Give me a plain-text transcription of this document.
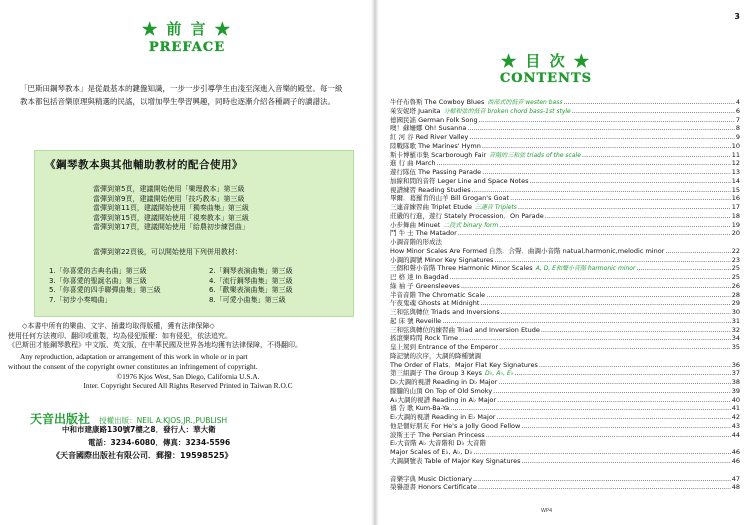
★ 前 言 ★
PREFACE
「巴斯田鋼琴教本」是從最基本的鍵盤知識，一步一步引導學生由淺至深進入音樂的殿堂。每一級教本都包括音樂原理與精選的民謠，以增加學生學習興趣，同時也逐漸介紹各種調子的讀譜法。
《鋼琴教本與其他輔助教材的配合使用》
當彈到第5頁，建議開始使用「樂理教本」第三級
當彈到第9頁，建議開始使用「技巧教本」第三級
當彈到第11頁，建議開始使用「獨奏曲集」第三級
當彈到第15頁，建議開始使用「視奏教本」第三級
當彈到第17頁，建議開始使用「給農初步練習曲」
當彈到第22頁後，可以開始使用下列併用教材：
1.「你喜愛的古典名曲」第三級
3.「你喜愛的聖誕名曲」第三級
5.「你喜愛的四手聯彈曲集」第三級
7.「初步小奏鳴曲」
2.「鋼琴表演曲集」第三級
4.「流行鋼琴曲集」第三級
6.「歡樂表演曲集」第三級
8.「可愛小曲集」第三級
◇本書中所有的樂曲、文字、插畫均取得版權，獲有法律保障◇
使用任何方法複印、翻印或重製，均為侵犯版權：如有侵犯，依法追究。
《巴斯田才能鋼琴教程》中文版、英文版，在中華民國及世界各地均獲有法律保障，不得翻印。
Any reproduction, adaptation or arrangement of this work in whole or in part
without the consent of the copyright owner constitutes an infringement of copyright.
©1976 Kjos West, San Diego, California U.S.A.
Inter. Copyright Secured All Rights Reserved Printed in Taiwan R.O.C
天音出版社 授權出版：NEIL A.KJOS,JR.,PUBLISH
中和市建康路130號7樓之8．發行人：華大衛
電話：3234-6080．傳真：3234-5596
《天音國際出版社有限公司．郵撥：19598525》
3
★ 目 次 ★
CONTENTS
牛仔布魯斯 The Cowboy Blues 西部式的低音 westen bass .....	4
茱安妮塔 Juanita 分解和弦的低音 broken chord bass-1st style .....	6
德國民謠 German Folk Song .....	7
噢！蘇姍娜 Oh! Susanna .....	8
紅 河 谷 Red River Valley .....	9
陸戰隊歌 The Marines' Hymn .....	10
斯卡博羅市集 Scarborough Fair 音階的三和弦 triads of the scale .....	11
進 行 曲 March .....	12
遊行隊伍 The Passing Parade .....	13
加線和間的音符 Leger Line and Space Notes .....	14
視譜練習 Reading Studies .....	15
畢爾．葛羅肯的山羊 Bill Grogan's Goat .....	16
三連音練習曲 Triplet Etude 三連音 Triplets .....	17
莊嚴的行進，遊行 Stately Procession．On Parade .....	18
小步舞曲 Minuet 二段式 binary form .....	19
鬥 牛 士 The Matador .....	20
小調音階的形成法
How Minor Scales Are Formed 自然．合聲．曲調小音階 natual,harmonic,melodic minor .....	22
小調的調號 Minor Key Signatures .....	23
三個和聲小音階 Three Harmonic Minor Scales A, D, E和聲小音階 harmonic minor .....	25
巴 格 達 In Bagdad .....	25
綠 袖 子 Greensleeves .....	26
半音音階 The Chromatic Scale .....	28
午夜鬼魂 Ghosts at Midnight .....	29
三和弦與轉位 Triads and Inversions .....	30
起 床 號 Reveille .....	31
三和弦與轉位的練習曲 Triad and Inversion Etude .....	32
搖滾樂時間 Rock Time .....	34
皇上駕到 Entrance of the Emperor .....	35
降記號的次序，大調的降種號調
The Order of Flats．Major Flat Key Signatures .....	36
第三組調子 The Group 3 Keys D♭, A♭, E♭ .....	37
D♭大調的視譜 Reading in D♭ Major .....	38
朦朧的山頂 On Top of Old Smoky .....	39
A♭大調的視譜 Reading in A♭ Major .....	40
禱 告 歌 Kum-Ba-Ya .....	41
E♭大調的視譜 Reading in E♭ Major .....	42
他是個好朋友 For He's a Jolly Good Fellow .....	43
波斯王子 The Persian Princess .....	44
E♭大音階 A♭ 大音階和 D♭ 大音階
Major Scales of E♭, A♭, D♭ .....	46
大調調號表 Table of Major Key Signatures .....	46
音樂字典 Music Dictionary .....	47
榮譽證書 Honors Certificate .....	48
WP4
